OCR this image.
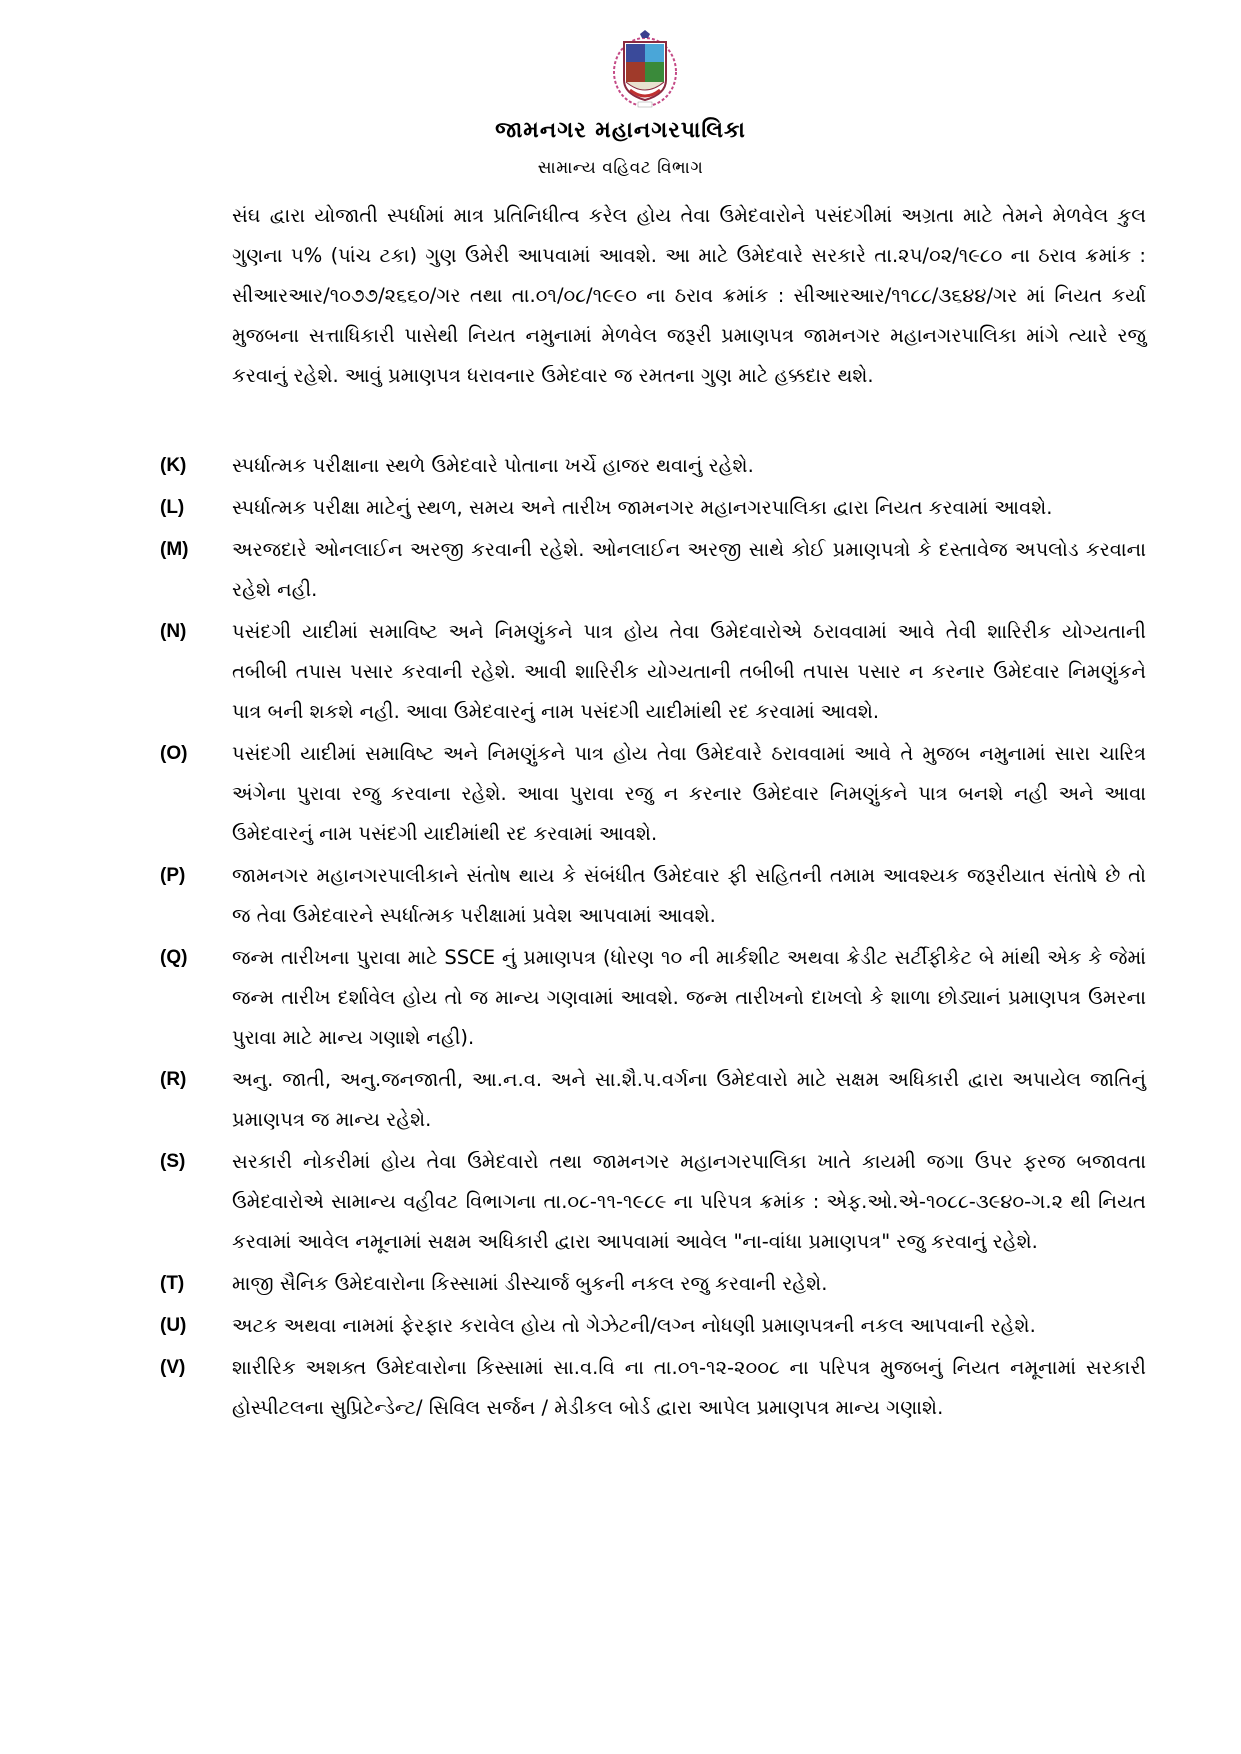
જામનગર મહાનગરપાલિકા
સામાન્ય વહિવટ વિભાગ
સંઘ દ્વારા યોજાતી સ્પર્ધામાં માત્ર પ્રતિનિધીત્વ કરેલ હોય તેવા ઉમેદવારોને પસંદગીમાં અગ્રતા માટે તેમને મેળવેલ કુલ ગુણના ૫% (પાંચ ટકા) ગુણ ઉમેરી આપવામાં આવશે. આ માટે ઉમેદવારે સરકારે તા.૨૫/૦૨/૧૯૮૦ ના ઠરાવ ક્રમાંક : સીઆરઆર/૧૦૭૭/૨૬૬૦/ગર તથા તા.૦૧/૦૮/૧૯૯૦ ના ઠરાવ ક્રમાંક : સીઆરઆર/૧૧૮૮/૩૬૪૪/ગર માં નિયત કર્યા મુજબના સત્તાધિકારી પાસેથી નિયત નમુનામાં મેળવેલ જરૂરી પ્રમાણપત્ર જામનગર મહાનગરપાલિકા માંગે ત્યારે રજુ કરવાનું રહેશે. આવું પ્રમાણપત્ર ધરાવનાર ઉમેદવાર જ રમતના ગુણ માટે હક્કદાર થશે.
(K)	સ્પર્ધાત્મક પરીક્ષાના સ્થળે ઉમેદવારે પોતાના ખર્ચે હાજર થવાનું રહેશે.
(L)	સ્પર્ધાત્મક પરીક્ષા માટેનું સ્થળ, સમય અને તારીખ જામનગર મહાનગરપાલિકા દ્વારા નિયત કરવામાં આવશે.
(M)	અરજદારે ઓનલાઈન અરજી કરવાની રહેશે. ઓનલાઈન અરજી સાથે કોઈ પ્રમાણપત્રો કે દસ્તાવેજ અપલોડ કરવાના રહેશે નહી.
(N)	પસંદગી યાદીમાં સમાવિષ્ટ અને નિમણુંકને પાત્ર હોય તેવા ઉમેદવારોએ ઠરાવવામાં આવે તેવી શારિરીક યોગ્યતાની તબીબી તપાસ પસાર કરવાની રહેશે. આવી શારિરીક યોગ્યતાની તબીબી તપાસ પસાર ન કરનાર ઉમેદવાર નિમણુંકને પાત્ર બની શકશે નહી. આવા ઉમેદવારનું નામ પસંદગી યાદીમાંથી રદ કરવામાં આવશે.
(O)	પસંદગી યાદીમાં સમાવિષ્ટ અને નિમણુંકને પાત્ર હોય તેવા ઉમેદવારે ઠરાવવામાં આવે તે મુજબ નમુનામાં સારા ચારિત્ર અંગેના પુરાવા રજુ કરવાના રહેશે. આવા પુરાવા રજુ ન કરનાર ઉમેદવાર નિમણુંકને પાત્ર બનશે નહી અને આવા ઉમેદવારનું નામ પસંદગી યાદીમાંથી રદ કરવામાં આવશે.
(P)	જામનગર મહાનગરપાલીકાને સંતોષ થાય કે સંબંધીત ઉમેદવાર ફી સહિતની તમામ આવશ્યક જરૂરીયાત સંતોષે છે તો જ તેવા ઉમેદવારને સ્પર્ધાત્મક પરીક્ષામાં પ્રવેશ આપવામાં આવશે.
(Q)	જન્મ તારીખના પુરાવા માટે SSCE નું પ્રમાણપત્ર (ધોરણ ૧૦ ની માર્કશીટ અથવા ક્રેડીટ સર્ટીફીકેટ બે માંથી એક કે જેમાં જન્મ તારીખ દર્શાવેલ હોય તો જ માન્ય ગણવામાં આવશે. જન્મ તારીખનો દાખલો કે શાળા છોડ્યાનં પ્રમાણપત્ર ઉમરના પુરાવા માટે માન્ય ગણાશે નહી).
(R)	અનુ. જાતી, અનુ.જનજાતી, આ.ન.વ. અને સા.શૈ.પ.વર્ગના ઉમેદવારો માટે સક્ષમ અધિકારી દ્વારા અપાયેલ જાતિનું પ્રમાણપત્ર જ માન્ય રહેશે.
(S)	સરકારી નોકરીમાં હોય તેવા ઉમેદવારો તથા જામનગર મહાનગરપાલિકા ખાતે કાયમી જગા ઉપર ફરજ બજાવતા ઉમેદવારોએ સામાન્ય વહીવટ વિભાગના તા.૦૮-૧૧-૧૯૮૯ ના પરિપત્ર ક્રમાંક : એફ.ઓ.એ-૧૦૮૮-૩૯૪૦-ગ.૨ થી નિયત કરવામાં આવેલ નમૂનામાં સક્ષમ અધિકારી દ્વારા આપવામાં આવેલ "ના-વાંધા પ્રમાણપત્ર" રજુ કરવાનું રહેશે.
(T)	માજી સૈનિક ઉમેદવારોના કિસ્સામાં ડીસ્ચાર્જ બુકની નકલ રજુ કરવાની રહેશે.
(U)	અટક અથવા નામમાં ફેરફાર કરાવેલ હોય તો ગેઝેટની/લગ્ન નોધણી પ્રમાણપત્રની નકલ આપવાની રહેશે.
(V)	શારીરિક અશક્ત ઉમેદવારોના કિસ્સામાં સા.વ.વિ ના તા.૦૧-૧૨-૨૦૦૮ ના પરિપત્ર મુજબનું નિયત નમૂનામાં સરકારી હોસ્પીટલના સુપ્રિટેન્ડેન્ટ/ સિવિલ સર્જન / મેડીકલ બોર્ડ દ્વારા આપેલ પ્રમાણપત્ર માન્ય ગણાશે.
